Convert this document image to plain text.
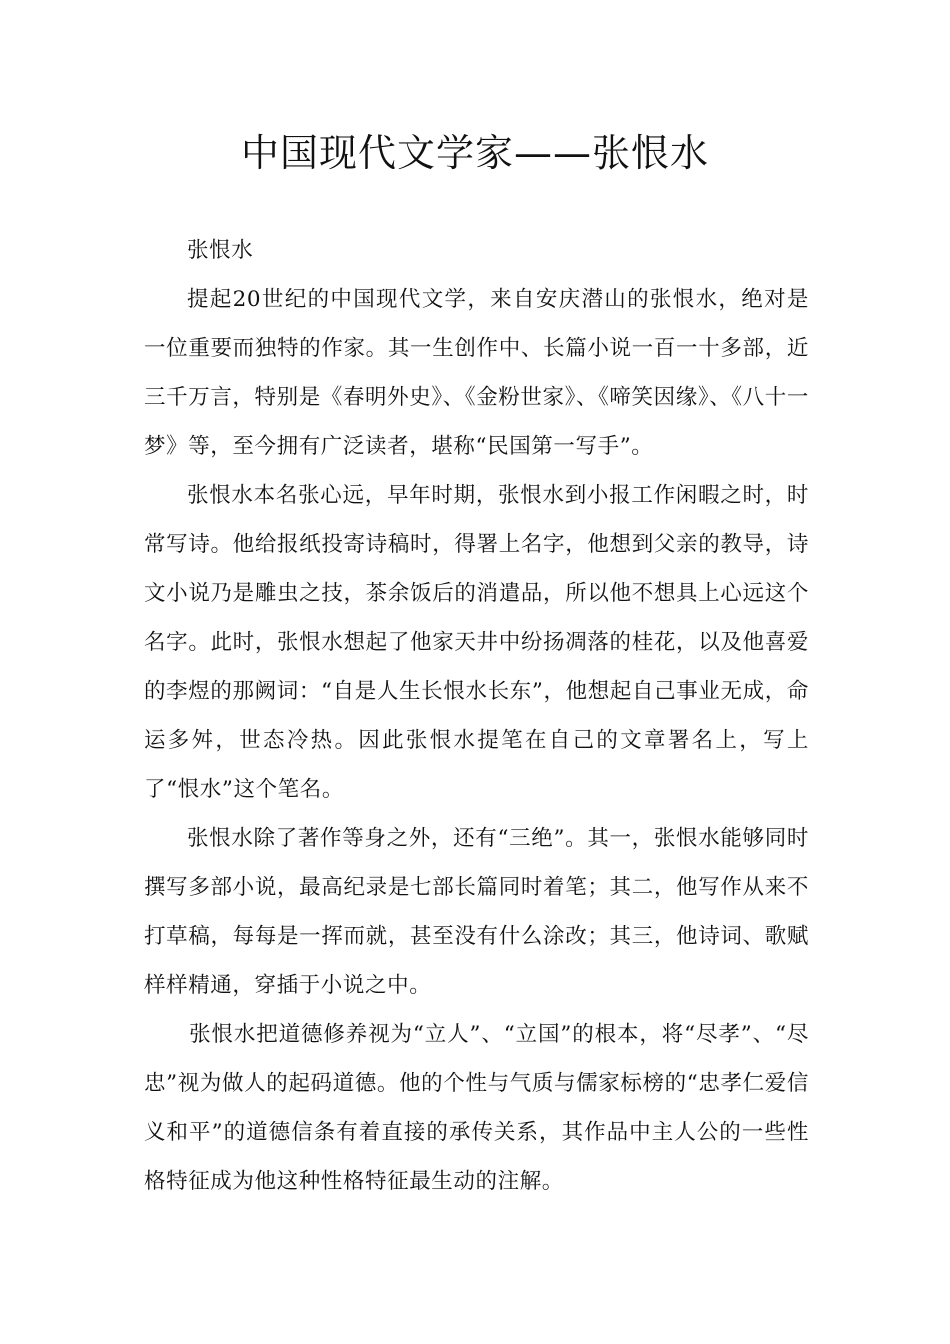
中国现代文学家——张恨水

张恨水

提起20世纪的中国现代文学，来自安庆潜山的张恨水，绝对是一位重要而独特的作家。其一生创作中、长篇小说一百一十多部，近三千万言，特别是《春明外史》、《金粉世家》、《啼笑因缘》、《八十一梦》等，至今拥有广泛读者，堪称“民国第一写手”。

张恨水本名张心远，早年时期，张恨水到小报工作闲暇之时，时常写诗。他给报纸投寄诗稿时，得署上名字，他想到父亲的教导，诗文小说乃是雕虫之技，茶余饭后的消遣品，所以他不想具上心远这个名字。此时，张恨水想起了他家天井中纷扬凋落的桂花，以及他喜爱的李煜的那阙词：“自是人生长恨水长东”，他想起自己事业无成，命运多舛，世态冷热。因此张恨水提笔在自己的文章署名上，写上了“恨水”这个笔名。

张恨水除了著作等身之外，还有“三绝”。其一，张恨水能够同时撰写多部小说，最高纪录是七部长篇同时着笔；其二，他写作从来不打草稿，每每是一挥而就，甚至没有什么涂改；其三，他诗词、歌赋样样精通，穿插于小说之中。

张恨水把道德修养视为“立人”、“立国”的根本，将“尽孝”、“尽忠”视为做人的起码道德。他的个性与气质与儒家标榜的“忠孝仁爱信义和平”的道德信条有着直接的承传关系，其作品中主人公的一些性格特征成为他这种性格特征最生动的注解。
